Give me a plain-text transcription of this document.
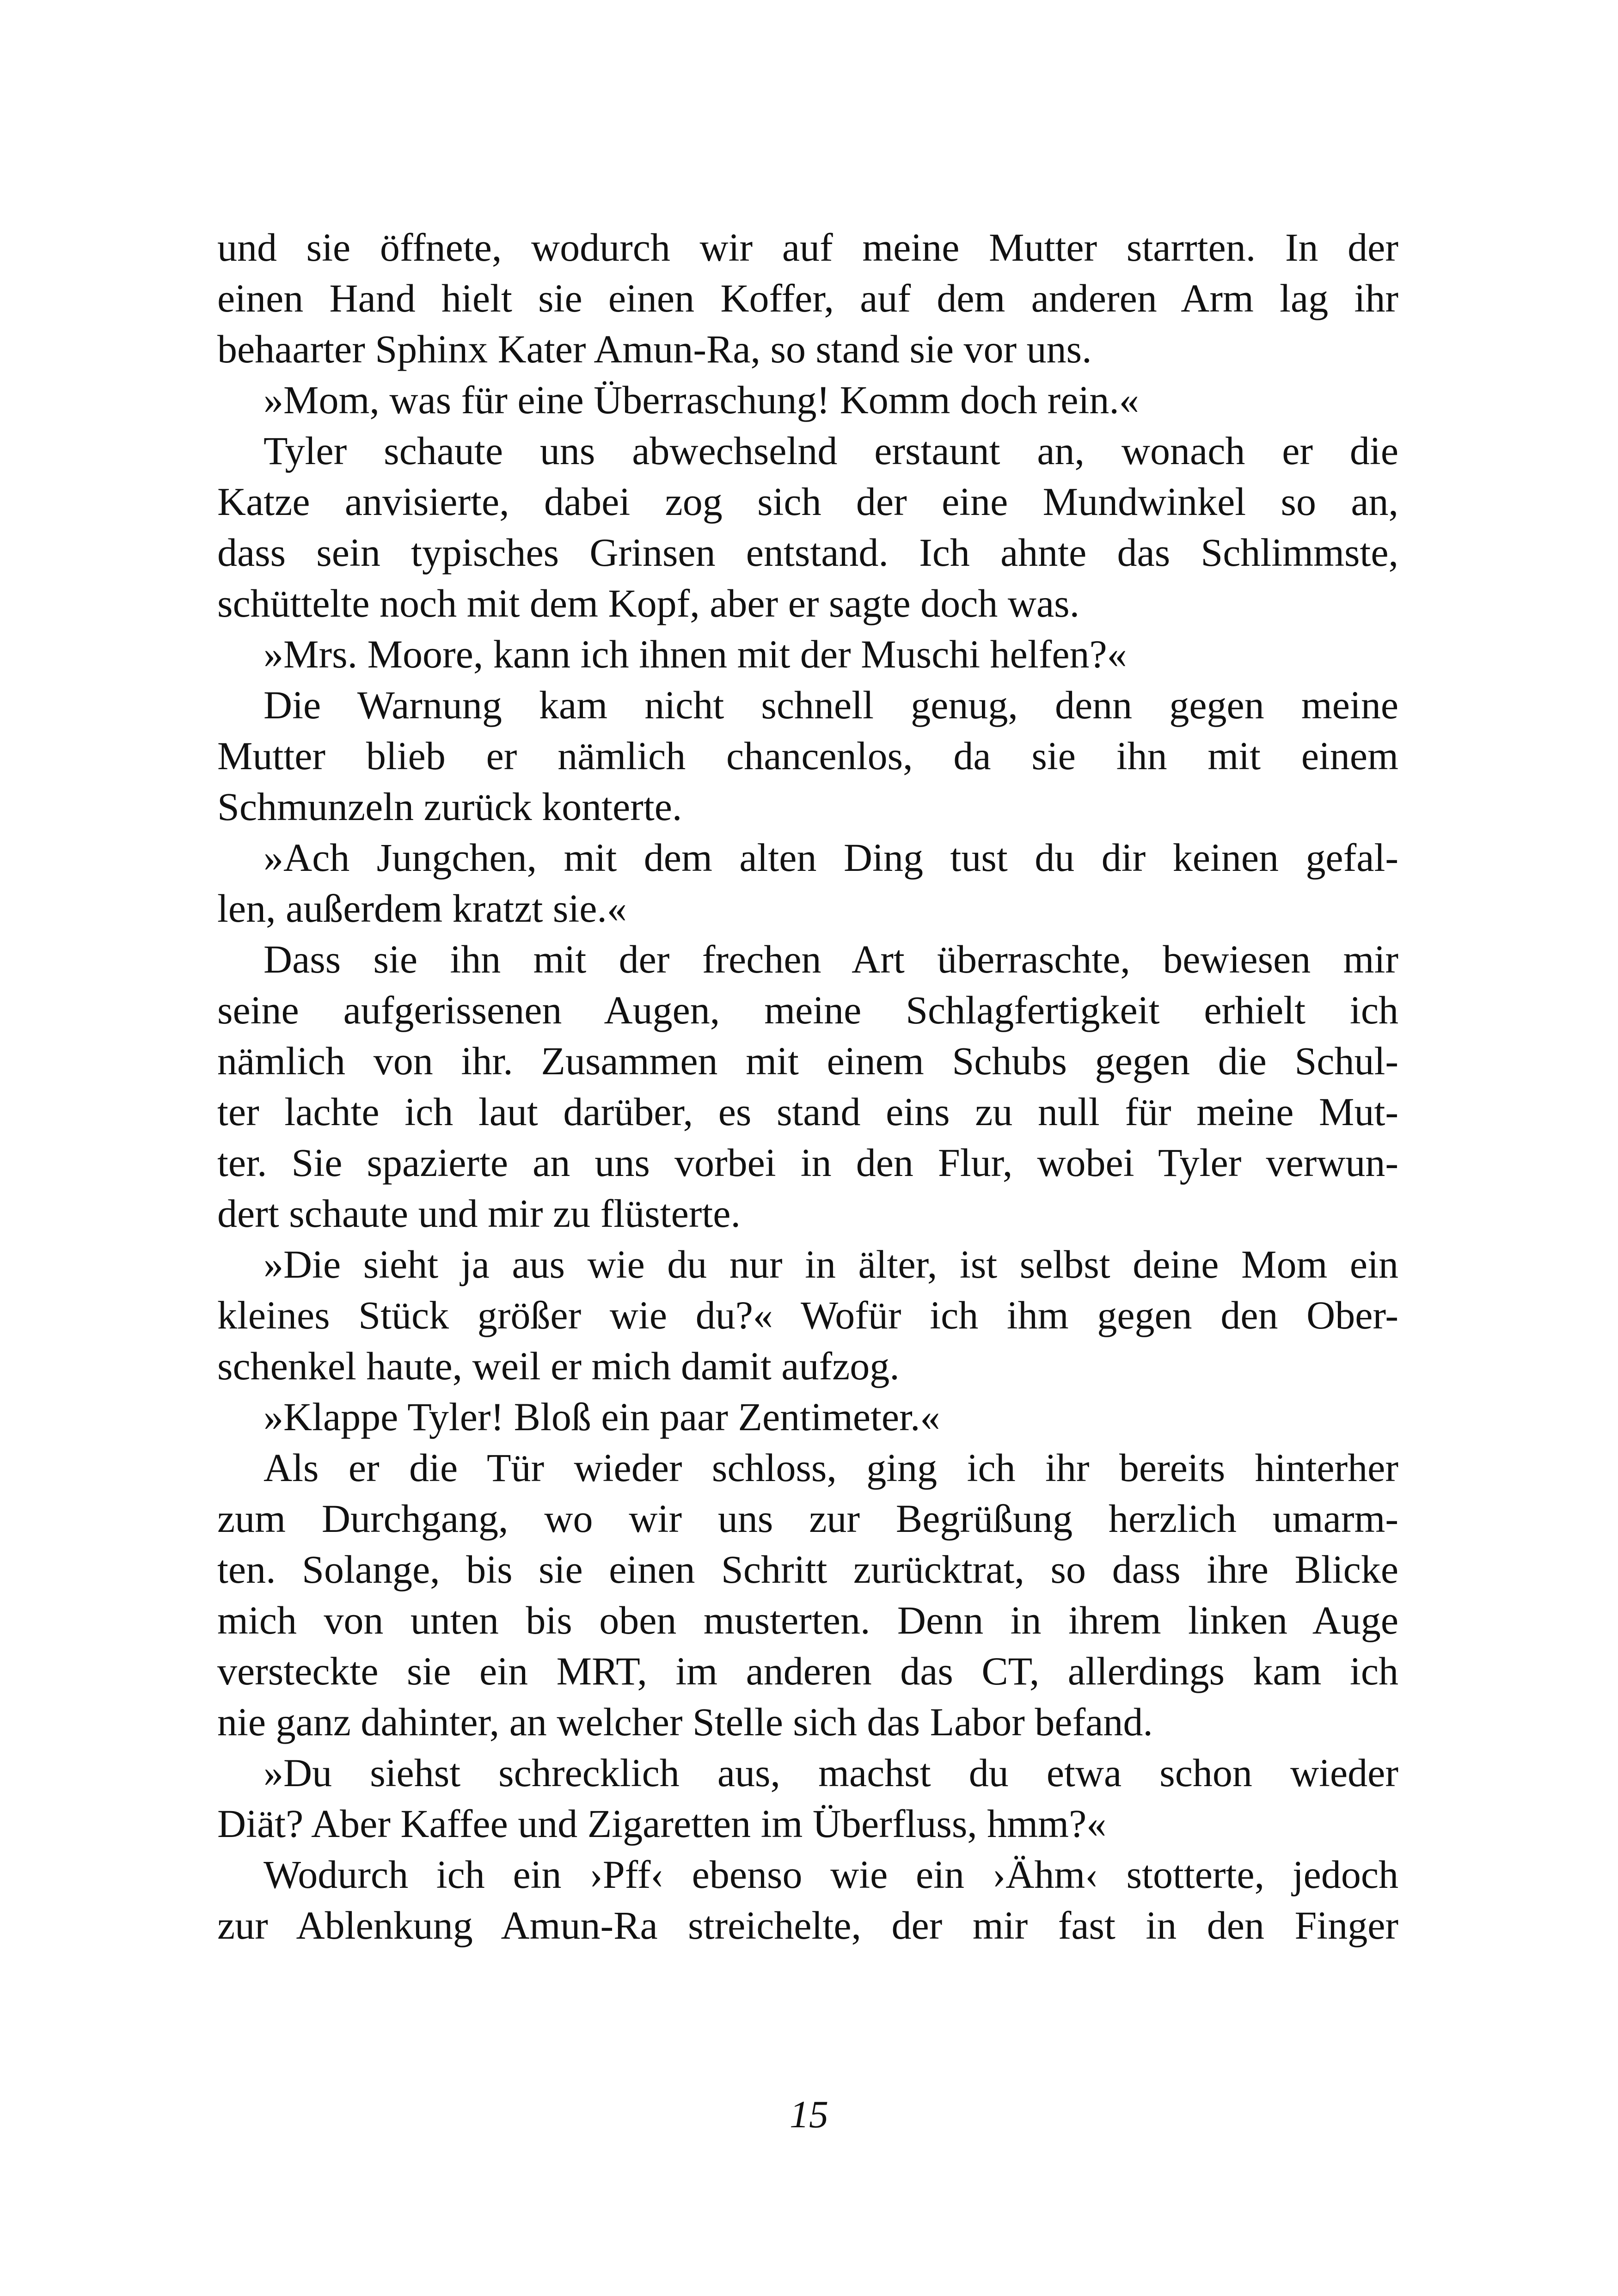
und sie öffnete, wodurch wir auf meine Mutter starrten. In der
einen Hand hielt sie einen Koffer, auf dem anderen Arm lag ihr
behaarter Sphinx Kater Amun-Ra, so stand sie vor uns.
»Mom, was für eine Überraschung! Komm doch rein.«
Tyler schaute uns abwechselnd erstaunt an, wonach er die
Katze anvisierte, dabei zog sich der eine Mundwinkel so an,
dass sein typisches Grinsen entstand. Ich ahnte das Schlimmste,
schüttelte noch mit dem Kopf, aber er sagte doch was.
»Mrs. Moore, kann ich ihnen mit der Muschi helfen?«
Die Warnung kam nicht schnell genug, denn gegen meine
Mutter blieb er nämlich chancenlos, da sie ihn mit einem
Schmunzeln zurück konterte.
»Ach Jungchen, mit dem alten Ding tust du dir keinen gefal-
len, außerdem kratzt sie.«
Dass sie ihn mit der frechen Art überraschte, bewiesen mir
seine aufgerissenen Augen, meine Schlagfertigkeit erhielt ich
nämlich von ihr. Zusammen mit einem Schubs gegen die Schul-
ter lachte ich laut darüber, es stand eins zu null für meine Mut-
ter. Sie spazierte an uns vorbei in den Flur, wobei Tyler verwun-
dert schaute und mir zu flüsterte.
»Die sieht ja aus wie du nur in älter, ist selbst deine Mom ein
kleines Stück größer wie du?« Wofür ich ihm gegen den Ober-
schenkel haute, weil er mich damit aufzog.
»Klappe Tyler! Bloß ein paar Zentimeter.«
Als er die Tür wieder schloss, ging ich ihr bereits hinterher
zum Durchgang, wo wir uns zur Begrüßung herzlich umarm-
ten. Solange, bis sie einen Schritt zurücktrat, so dass ihre Blicke
mich von unten bis oben musterten. Denn in ihrem linken Auge
versteckte sie ein MRT, im anderen das CT, allerdings kam ich
nie ganz dahinter, an welcher Stelle sich das Labor befand.
»Du siehst schrecklich aus, machst du etwa schon wieder
Diät? Aber Kaffee und Zigaretten im Überfluss, hmm?«
Wodurch ich ein ›Pff‹ ebenso wie ein ›Ähm‹ stotterte, jedoch
zur Ablenkung Amun-Ra streichelte, der mir fast in den Finger
15
